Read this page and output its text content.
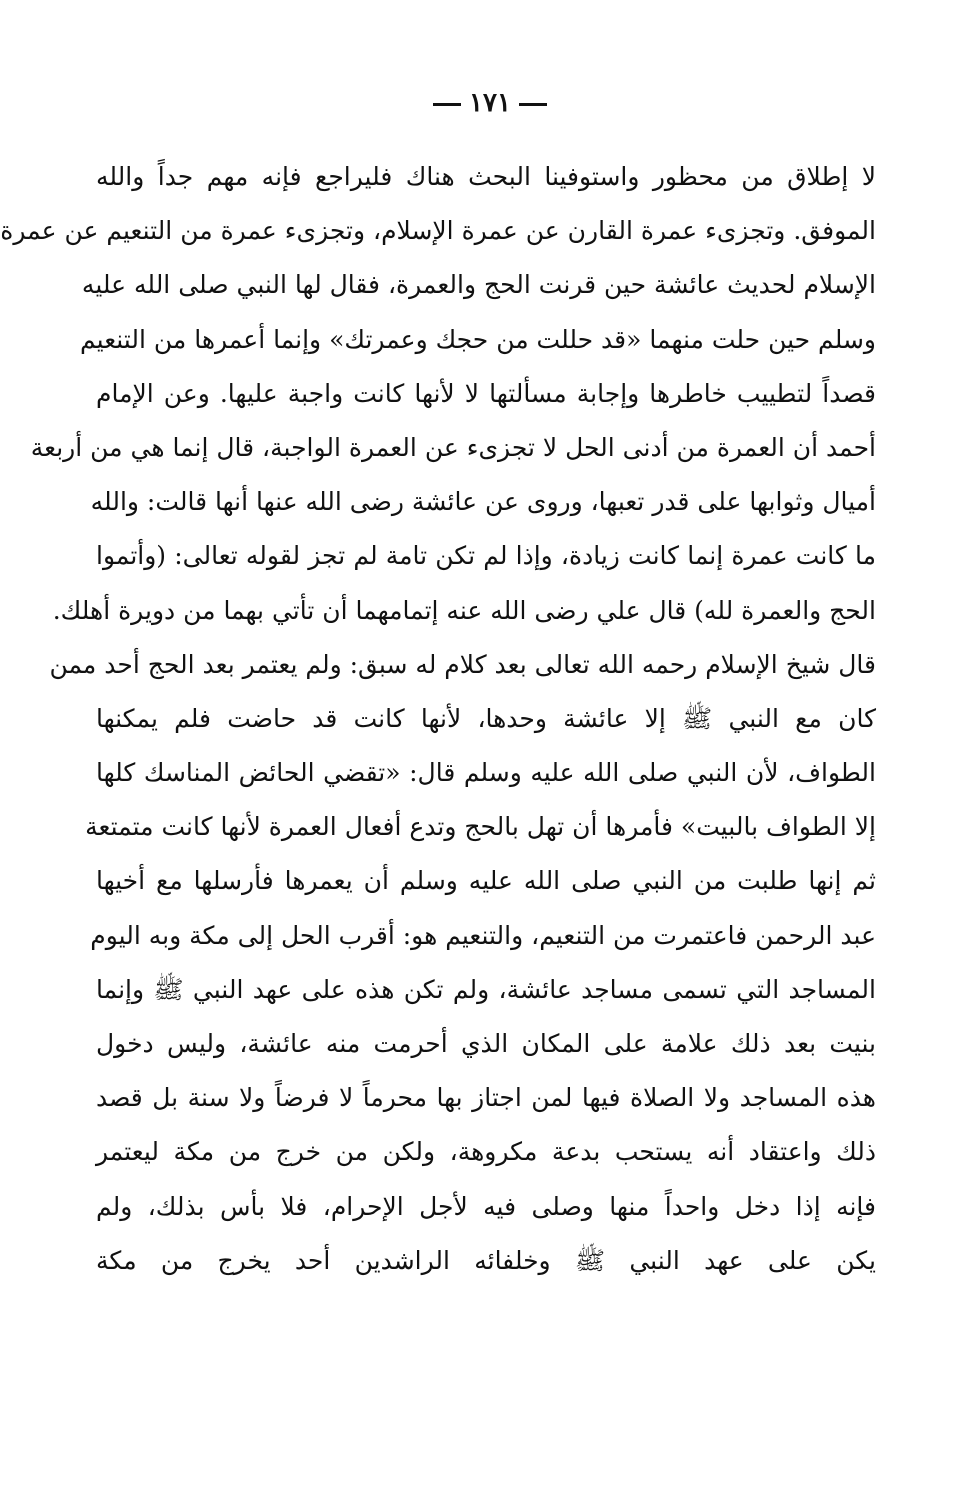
١٧١
لا إطلاق من محظور واستوفينا البحث هناك فليراجع فإنه مهم جداً والله
الموفق. وتجزىء عمرة القارن عن عمرة الإسلام، وتجزىء عمرة من التنعيم عن عمرة
الإسلام لحديث عائشة حين قرنت الحج والعمرة، فقال لها النبي صلى الله عليه
وسلم حين حلت منهما «قد حللت من حجك وعمرتك» وإنما أعمرها من التنعيم
قصداً لتطييب خاطرها وإجابة مسألتها لا لأنها كانت واجبة عليها. وعن الإمام
أحمد أن العمرة من أدنى الحل لا تجزىء عن العمرة الواجبة، قال إنما هي من أربعة
أميال وثوابها على قدر تعبها، وروى عن عائشة رضى الله عنها أنها قالت: والله
ما كانت عمرة إنما كانت زيادة، وإذا لم تكن تامة لم تجز لقوله تعالى: (وأتموا
الحج والعمرة لله) قال علي رضى الله عنه إتمامهما أن تأتي بهما من دويرة أهلك.
قال شيخ الإسلام رحمه الله تعالى بعد كلام له سبق: ولم يعتمر بعد الحج أحد ممن
كان مع النبي ﷺ إلا عائشة وحدها، لأنها كانت قد حاضت فلم يمكنها
الطواف، لأن النبي صلى الله عليه وسلم قال: «تقضي الحائض المناسك كلها
إلا الطواف بالبيت» فأمرها أن تهل بالحج وتدع أفعال العمرة لأنها كانت متمتعة
ثم إنها طلبت من النبي صلى الله عليه وسلم أن يعمرها فأرسلها مع أخيها
عبد الرحمن فاعتمرت من التنعيم، والتنعيم هو: أقرب الحل إلى مكة وبه اليوم
المساجد التي تسمى مساجد عائشة، ولم تكن هذه على عهد النبي ﷺ وإنما
بنيت بعد ذلك علامة على المكان الذي أحرمت منه عائشة، وليس دخول
هذه المساجد ولا الصلاة فيها لمن اجتاز بها محرماً لا فرضاً ولا سنة بل قصد
ذلك واعتقاد أنه يستحب بدعة مكروهة، ولكن من خرج من مكة ليعتمر
فإنه إذا دخل واحداً منها وصلى فيه لأجل الإحرام، فلا بأس بذلك، ولم
يكن على عهد النبي ﷺ وخلفائه الراشدين أحد يخرج من مكة
